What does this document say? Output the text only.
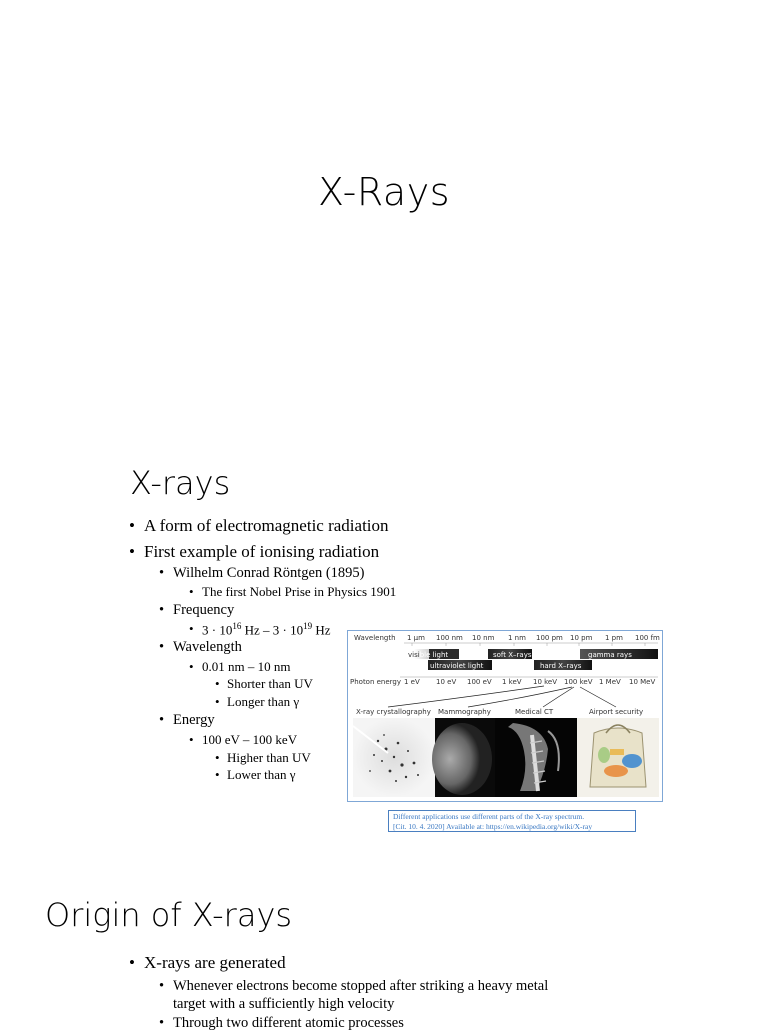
X-Rays
X-rays
• A form of electromagnetic radiation
• First example of ionising radiation
• Wilhelm Conrad Röntgen (1895)
• The first Nobel Prise in Physics 1901
• Frequency
• $3 \cdot 10^{16}$ $Hz - 3 \cdot 10^{19}$ Hz
• Wavelength
• 0.01 nm – 10 nm
• Shorter than UV
• Longer than γ
• Energy
• 100 eV – 100 keV
• Higher than UV
• Lower than γ
Wavelength 1 µm 100 nm 10 nm 1 nm 100 pm 10 pm 1 pm 100 fm
visible light	soft X–rays	gamma rays
ultraviolet light	hard X–rays
Photon energy 1 eV 10 eV 100 eV 1 keV 10 keV 100 keV 1 MeV 10 MeV
X-ray crystallography Mammography	Medical CT	Airport security
Different applications use different parts of the X-ray spectrum.
[Cit. 10. 4. 2020] Available at: https://en.wikipedia.org/wiki/X-ray
Origin of X-rays
• X-rays are generated
• Whenever electrons become stopped after striking a heavy metal
target with a sufficiently high velocity
• Through two different atomic processes
